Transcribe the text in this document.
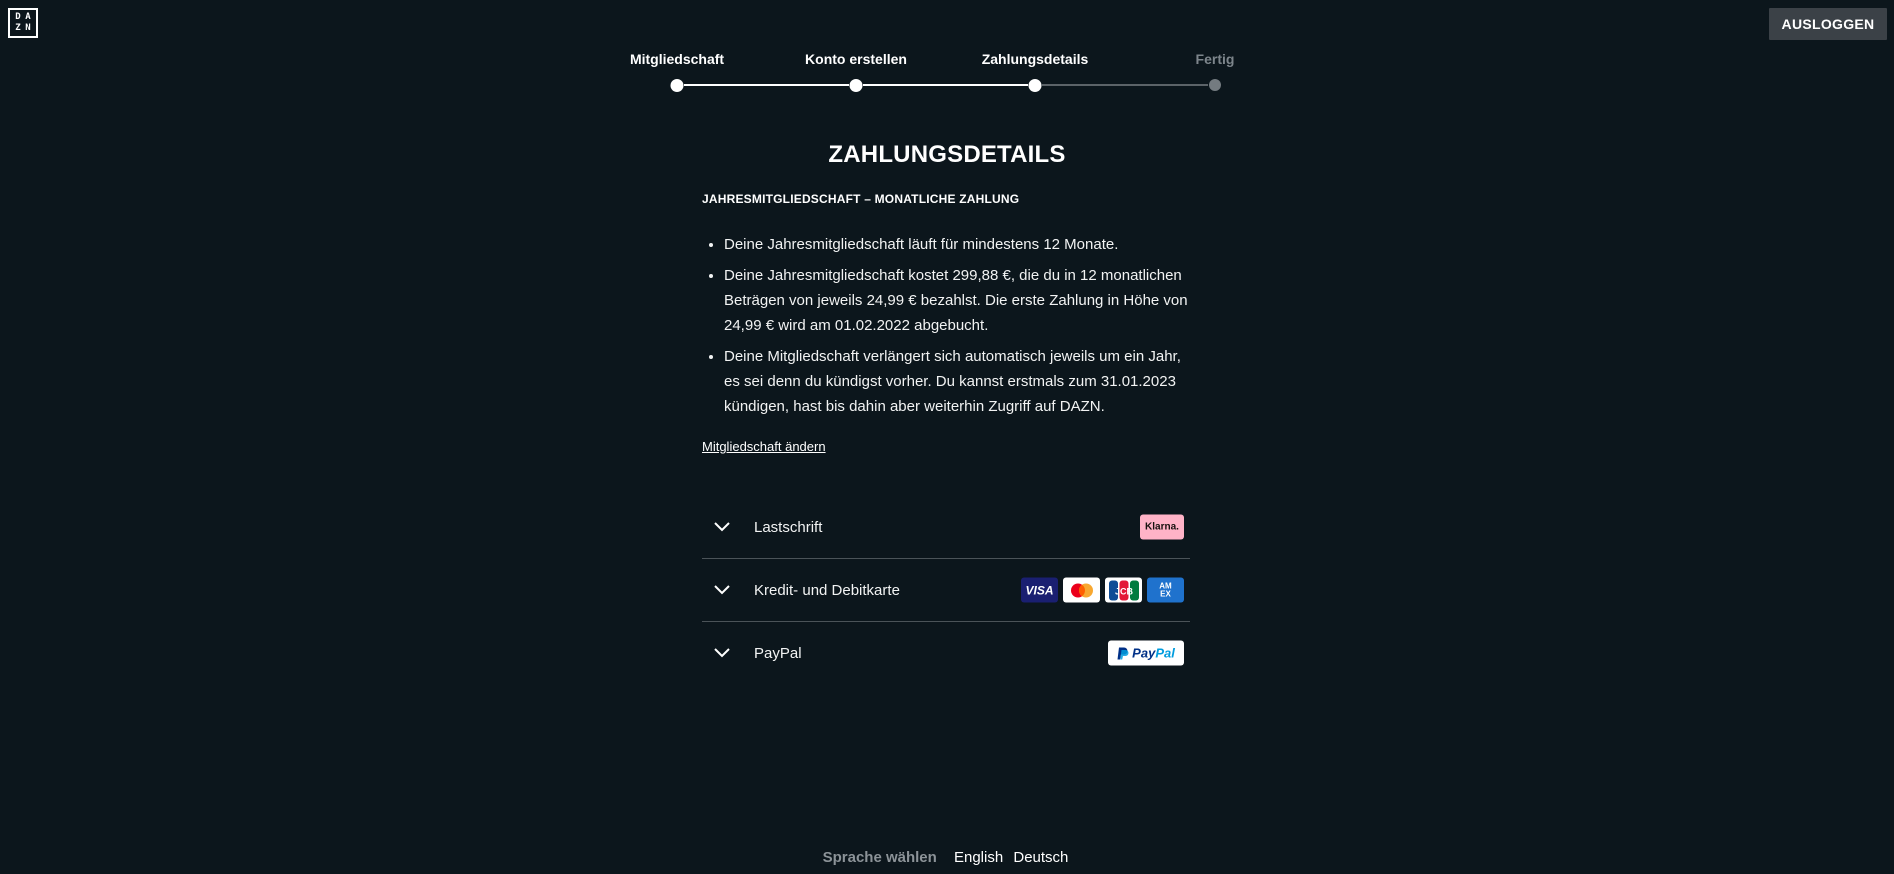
D A
Z N	AUSLOGGEN
Mitgliedschaft	Konto erstellen	Zahlungsdetails	Fertig
ZAHLUNGSDETAILS
JAHRESMITGLIEDSCHAFT – MONATLICHE ZAHLUNG
• Deine Jahresmitgliedschaft läuft für mindestens 12 Monate.
• Deine Jahresmitgliedschaft kostet 299,88 €, die du in 12 monatlichen Beträgen von jeweils 24,99 € bezahlst. Die erste Zahlung in Höhe von 24,99 € wird am 01.02.2022 abgebucht.
• Deine Mitgliedschaft verlängert sich automatisch jeweils um ein Jahr, es sei denn du kündigst vorher. Du kannst erstmals zum 31.01.2023 kündigen, hast bis dahin aber weiterhin Zugriff auf DAZN.
Mitgliedschaft ändern
Lastschrift	Klarna.
Kredit- und Debitkarte	VISA	JCB
AM
EX
PayPal	PayPal
Sprache wählen English Deutsch
